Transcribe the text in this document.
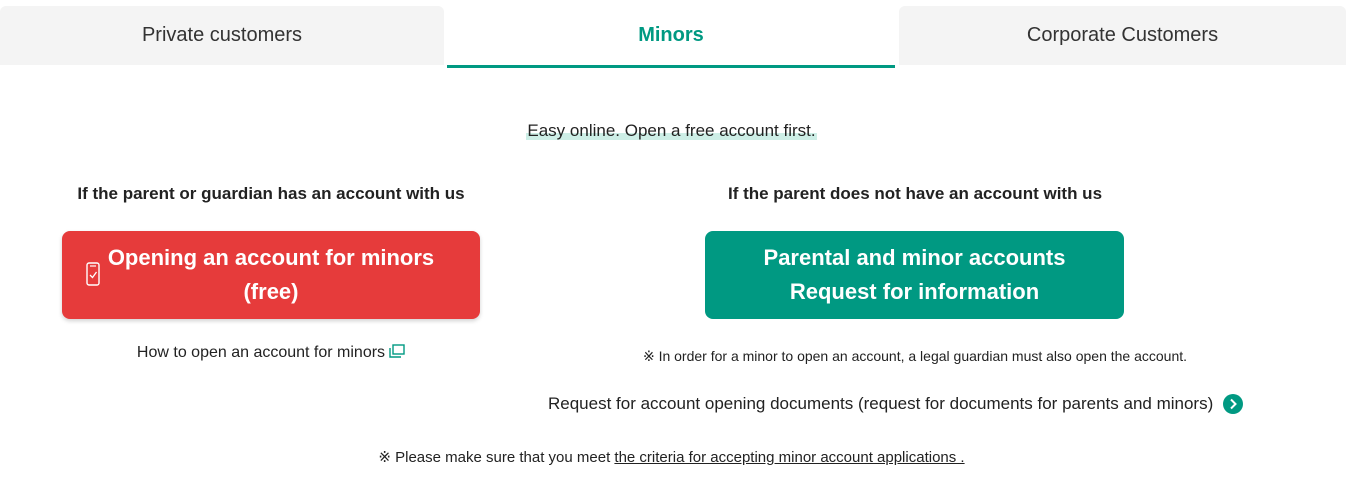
Private customers	Minors	Corporate Customers
Easy online. Open a free account first.
If the parent or guardian has an account with us	If the parent does not have an account with us
Opening an account for minors
(free)
Parental and minor accounts
Request for information
How to open an account for minors	※ In order for a minor to open an account, a legal guardian must also open the account.
Request for account opening documents (request for documents for parents and minors)
※ Please make sure that you meet the criteria for accepting minor account applications .
